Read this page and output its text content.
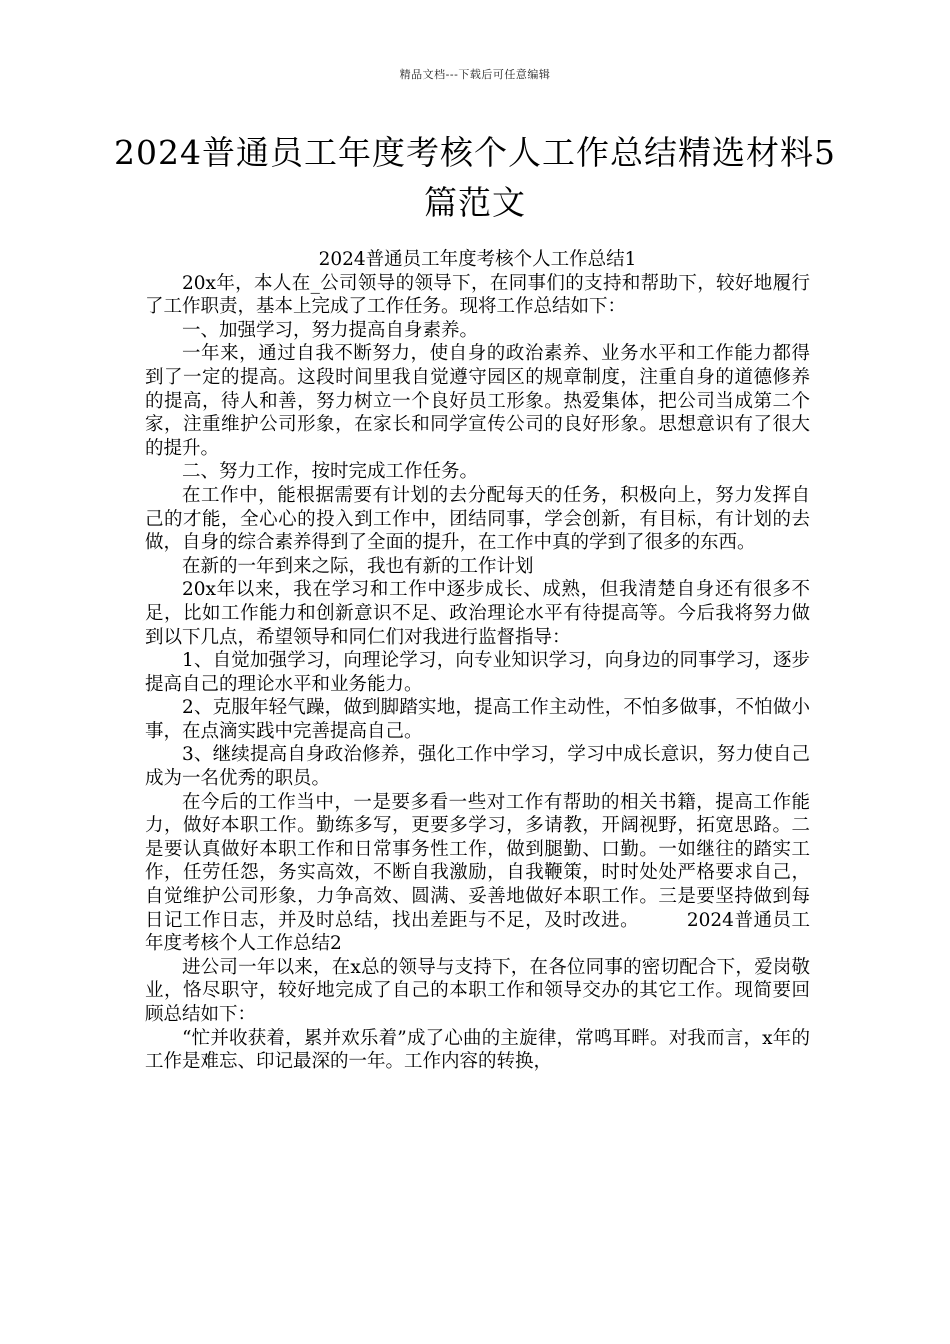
精品文档---下载后可任意编辑
2024普通员工年度考核个人工作总结精选材料5篇范文

2024普通员工年度考核个人工作总结1

20x年，本人在_公司领导的领导下，在同事们的支持和帮助下，较好地履行了工作职责，基本上完成了工作任务。现将工作总结如下：

一、加强学习，努力提高自身素养。

一年来，通过自我不断努力，使自身的政治素养、业务水平和工作能力都得到了一定的提高。这段时间里我自觉遵守园区的规章制度，注重自身的道德修养的提高，待人和善，努力树立一个良好员工形象。热爱集体，把公司当成第二个家，注重维护公司形象，在家长和同学宣传公司的良好形象。思想意识有了很大的提升。

二、努力工作，按时完成工作任务。

在工作中，能根据需要有计划的去分配每天的任务，积极向上，努力发挥自己的才能，全心心的投入到工作中，团结同事，学会创新，有目标，有计划的去做，自身的综合素养得到了全面的提升，在工作中真的学到了很多的东西。

在新的一年到来之际，我也有新的工作计划

20x年以来，我在学习和工作中逐步成长、成熟，但我清楚自身还有很多不足，比如工作能力和创新意识不足、政治理论水平有待提高等。今后我将努力做到以下几点，希望领导和同仁们对我进行监督指导：

1、自觉加强学习，向理论学习，向专业知识学习，向身边的同事学习，逐步提高自己的理论水平和业务能力。

2、克服年轻气躁，做到脚踏实地，提高工作主动性，不怕多做事，不怕做小事，在点滴实践中完善提高自己。

3、继续提高自身政治修养，强化工作中学习，学习中成长意识，努力使自己成为一名优秀的职员。

在今后的工作当中，一是要多看一些对工作有帮助的相关书籍，提高工作能力，做好本职工作。勤练多写，更要多学习，多请教，开阔视野，拓宽思路。二是要认真做好本职工作和日常事务性工作，做到腿勤、口勤。一如继往的踏实工作，任劳任怨，务实高效，不断自我激励，自我鞭策，时时处处严格要求自己，自觉维护公司形象，力争高效、圆满、妥善地做好本职工作。三是要坚持做到每日记工作日志，并及时总结，找出差距与不足，及时改进。　　　	2024普通员工年度考核个人工作总结2

进公司一年以来，在x总的领导与支持下，在各位同事的密切配合下，爱岗敬业，恪尽职守，较好地完成了自己的本职工作和领导交办的其它工作。现简要回顾总结如下：

“忙并收获着，累并欢乐着”成了心曲的主旋律，常鸣耳畔。对我而言，x年的工作是难忘、印记最深的一年。工作内容的转换，
